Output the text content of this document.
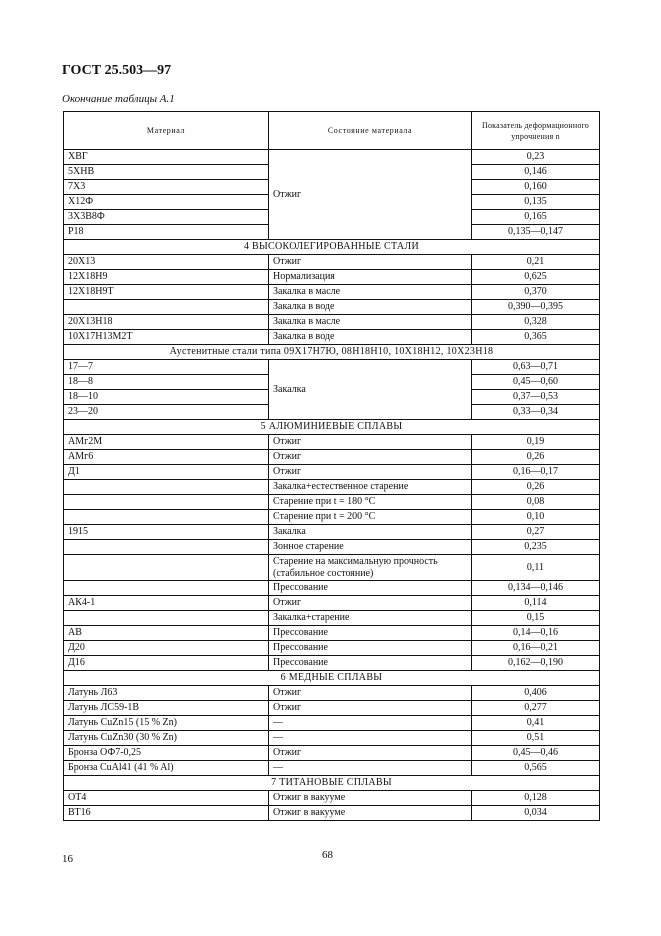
ГОСТ 25.503—97
Окончание таблицы А.1
Материал	Состояние материала	Показатель деформационного упрочнения n
ХВГ	Отжиг	0,23
5ХНВ		0,146
7Х3		0,160
Х12Ф		0,135
3Х3В8Ф		0,165
Р18		0,135—0,147
4 ВЫСОКОЛЕГИРОВАННЫЕ СТАЛИ		
20Х13	Отжиг	0,21
12Х18Н9	Нормализация	0,625
12Х18Н9Т	Закалка в масле	0,370
	Закалка в воде	0,390—0,395
20Х13Н18	Закалка в масле	0,328
10Х17Н13М2Т	Закалка в воде	0,365
Аустенитные стали типа 09Х17Н7Ю, 08Н18Н10, 10Х18Н12, 10Х23Н18		
17—7	Закалка	0,63—0,71
18—8		0,45—0,60
18—10		0,37—0,53
23—20		0,33—0,34
5 АЛЮМИНИЕВЫЕ СПЛАВЫ		
АМг2М	Отжиг	0,19
АМг6	Отжиг	0,26
Д1	Отжиг	0,16—0,17
	Закалка+естественное старение	0,26
	Старение при t = 180 °С	0,08
	Старение при t = 200 °С	0,10
1915	Закалка	0,27
	Зонное старение	0,235
	Старение на максимальную прочность (стабильное состояние)	0,11
	Прессование	0,134—0,146
АК4-1	Отжиг	0,114
	Закалка+старение	0,15
АВ	Прессование	0,14—0,16
Д20	Прессование	0,16—0,21
Д16	Прессование	0,162—0,190
6 МЕДНЫЕ СПЛАВЫ		
Латунь Л63	Отжиг	0,406
Латунь ЛС59-1В	Отжиг	0,277
Латунь CuZn15 (15 % Zn)	—	0,41
Латунь CuZn30 (30 % Zn)	—	0,51
Бронза ОФ7-0,25	Отжиг	0,45—0,46
Бронза CuAl41 (41 % Al)	—	0,565
7 ТИТАНОВЫЕ СПЛАВЫ		
ОТ4	Отжиг в вакууме	0,128
ВТ16	Отжиг в вакууме	0,034
16	68
